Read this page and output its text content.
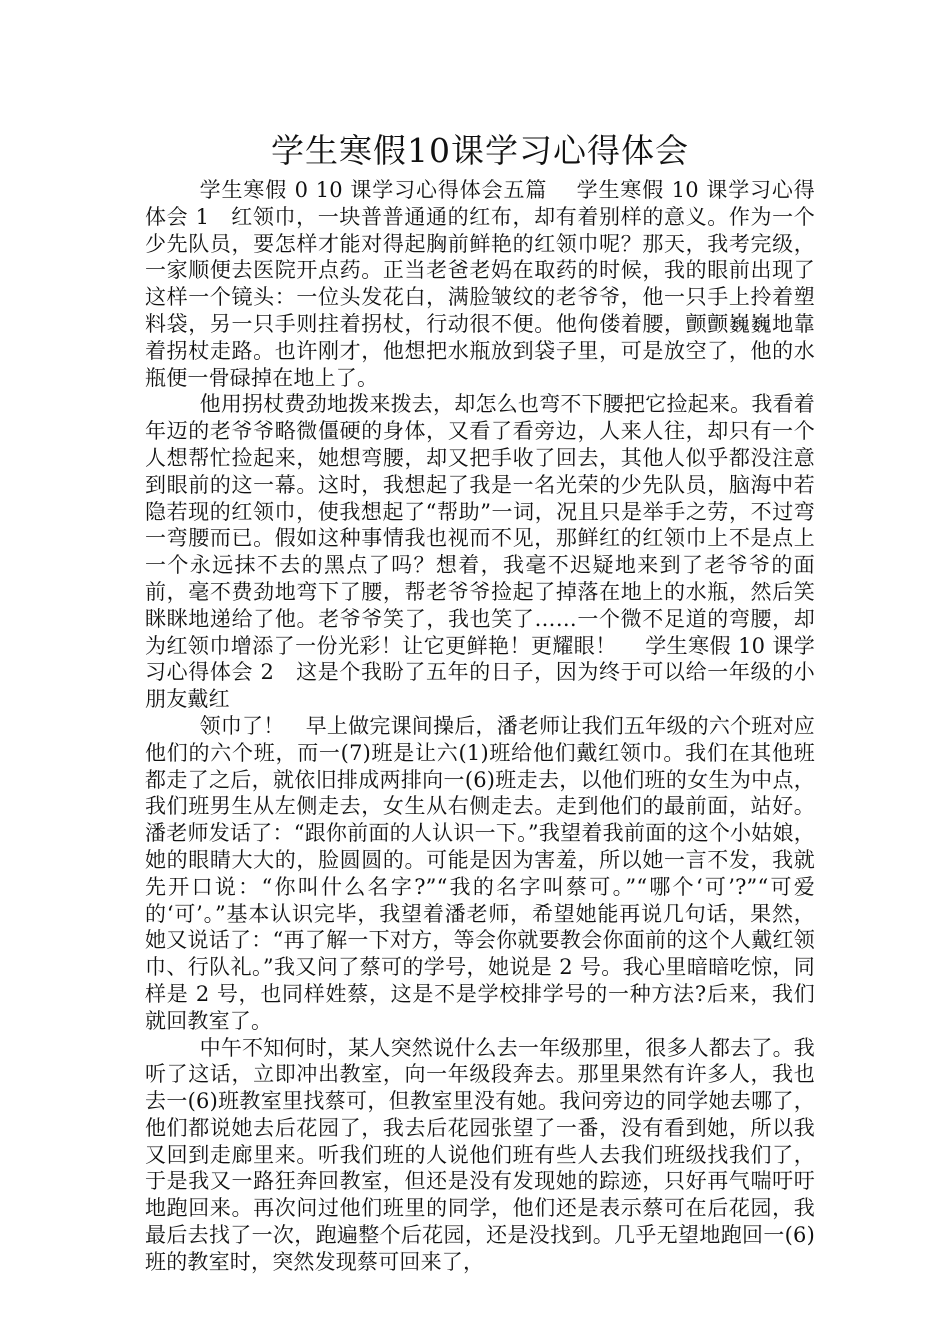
学生寒假10课学习心得体会

学生寒假 0 10 课学习心得体会五篇　 学生寒假 10 课学习心得体会 1　红领巾，一块普普通通的红布，却有着别样的意义。作为一个少先队员，要怎样才能对得起胸前鲜艳的红领巾呢？那天，我考完级，一家顺便去医院开点药。正当老爸老妈在取药的时候，我的眼前出现了这样一个镜头：一位头发花白，满脸皱纹的老爷爷，他一只手上拎着塑料袋，另一只手则拄着拐杖，行动很不便。他佝偻着腰，颤颤巍巍地靠着拐杖走路。也许刚才，他想把水瓶放到袋子里，可是放空了，他的水瓶便一骨碌掉在地上了。

他用拐杖费劲地拨来拨去，却怎么也弯不下腰把它捡起来。我看着年迈的老爷爷略微僵硬的身体，又看了看旁边，人来人往，却只有一个人想帮忙捡起来，她想弯腰，却又把手收了回去，其他人似乎都没注意到眼前的这一幕。这时，我想起了我是一名光荣的少先队员，脑海中若隐若现的红领巾，使我想起了“帮助”一词，况且只是举手之劳，不过弯一弯腰而已。假如这种事情我也视而不见，那鲜红的红领巾上不是点上一个永远抹不去的黑点了吗？想着，我毫不迟疑地来到了老爷爷的面前，毫不费劲地弯下了腰，帮老爷爷捡起了掉落在地上的水瓶，然后笑眯眯地递给了他。老爷爷笑了，我也笑了……一个微不足道的弯腰，却为红领巾增添了一份光彩！让它更鲜艳！更耀眼！　 学生寒假 10 课学习心得体会 2　这是个我盼了五年的日子，因为终于可以给一年级的小朋友戴红

领巾了！　早上做完课间操后，潘老师让我们五年级的六个班对应他们的六个班，而一(7)班是让六(1)班给他们戴红领巾。我们在其他班都走了之后，就依旧排成两排向一(6)班走去，以他们班的女生为中点，我们班男生从左侧走去，女生从右侧走去。走到他们的最前面，站好。潘老师发话了：“跟你前面的人认识一下。”我望着我前面的这个小姑娘，她的眼睛大大的，脸圆圆的。可能是因为害羞，所以她一言不发，我就先开口说：“你叫什么名字?”“我的名字叫蔡可。”“哪个‘可’?”“可爱的‘可’。”基本认识完毕，我望着潘老师，希望她能再说几句话，果然，她又说话了：“再了解一下对方，等会你就要教会你面前的这个人戴红领巾、行队礼。”我又问了蔡可的学号，她说是 2 号。我心里暗暗吃惊，同样是 2 号，也同样姓蔡，这是不是学校排学号的一种方法?后来，我们就回教室了。

中午不知何时，某人突然说什么去一年级那里，很多人都去了。我听了这话，立即冲出教室，向一年级段奔去。那里果然有许多人，我也去一(6)班教室里找蔡可，但教室里没有她。我问旁边的同学她去哪了，他们都说她去后花园了，我去后花园张望了一番，没有看到她，所以我又回到走廊里来。听我们班的人说他们班有些人去我们班级找我们了，于是我又一路狂奔回教室，但还是没有发现她的踪迹，只好再气喘吁吁地跑回来。再次问过他们班里的同学，他们还是表示蔡可在后花园，我最后去找了一次，跑遍整个后花园，还是没找到。几乎无望地跑回一(6)班的教室时，突然发现蔡可回来了，
